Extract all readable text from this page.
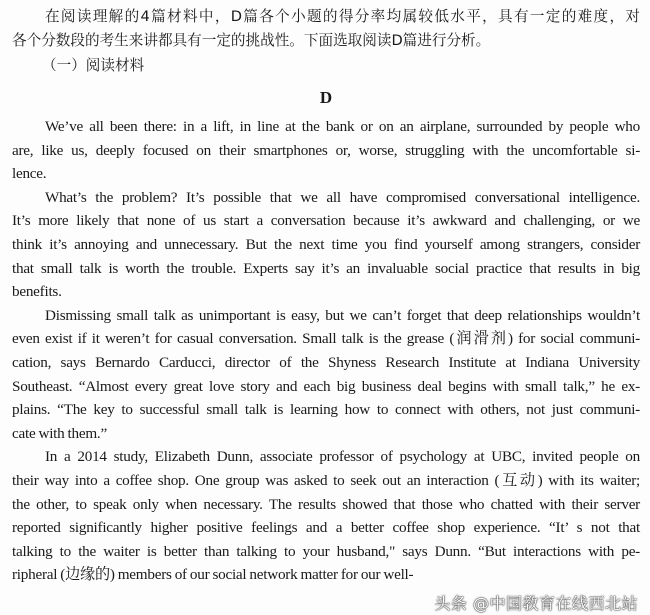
在阅读理解的4篇材料中，D篇各个小题的得分率均属较低水平，具有一定的难度，对
各个分数段的考生来讲都具有一定的挑战性。下面选取阅读D篇进行分析。
（一）阅读材料
D
We’ve all been there: in a lift, in line at the bank or on an airplane, surrounded by people who
are, like us, deeply focused on their smartphones or, worse, struggling with the uncomfortable si-
lence.
What’s the problem? It’s possible that we all have compromised conversational intelligence.
It’s more likely that none of us start a conversation because it’s awkward and challenging, or we
think it’s annoying and unnecessary. But the next time you find yourself among strangers, consider
that small talk is worth the trouble. Experts say it’s an invaluable social practice that results in big
benefits.
Dismissing small talk as unimportant is easy, but we can’t forget that deep relationships wouldn’t
even exist if it weren’t for casual conversation. Small talk is the grease (润滑剂) for social communi-
cation, says Bernardo Carducci, director of the Shyness Research Institute at Indiana University
Southeast. “Almost every great love story and each big business deal begins with small talk,” he ex-
plains. “The key to successful small talk is learning how to connect with others, not just communi-
cate with them.”
In a 2014 study, Elizabeth Dunn, associate professor of psychology at UBC, invited people on
their way into a coffee shop. One group was asked to seek out an interaction (互动) with its waiter;
the other, to speak only when necessary. The results showed that those who chatted with their server
reported significantly higher positive feelings and a better coffee shop experience. “It’ s not that
talking to the waiter is better than talking to your husband," says Dunn. “But interactions with pe-
ripheral (边缘的) members of our social network matter for our well-
头条 @中国教育在线西北站
